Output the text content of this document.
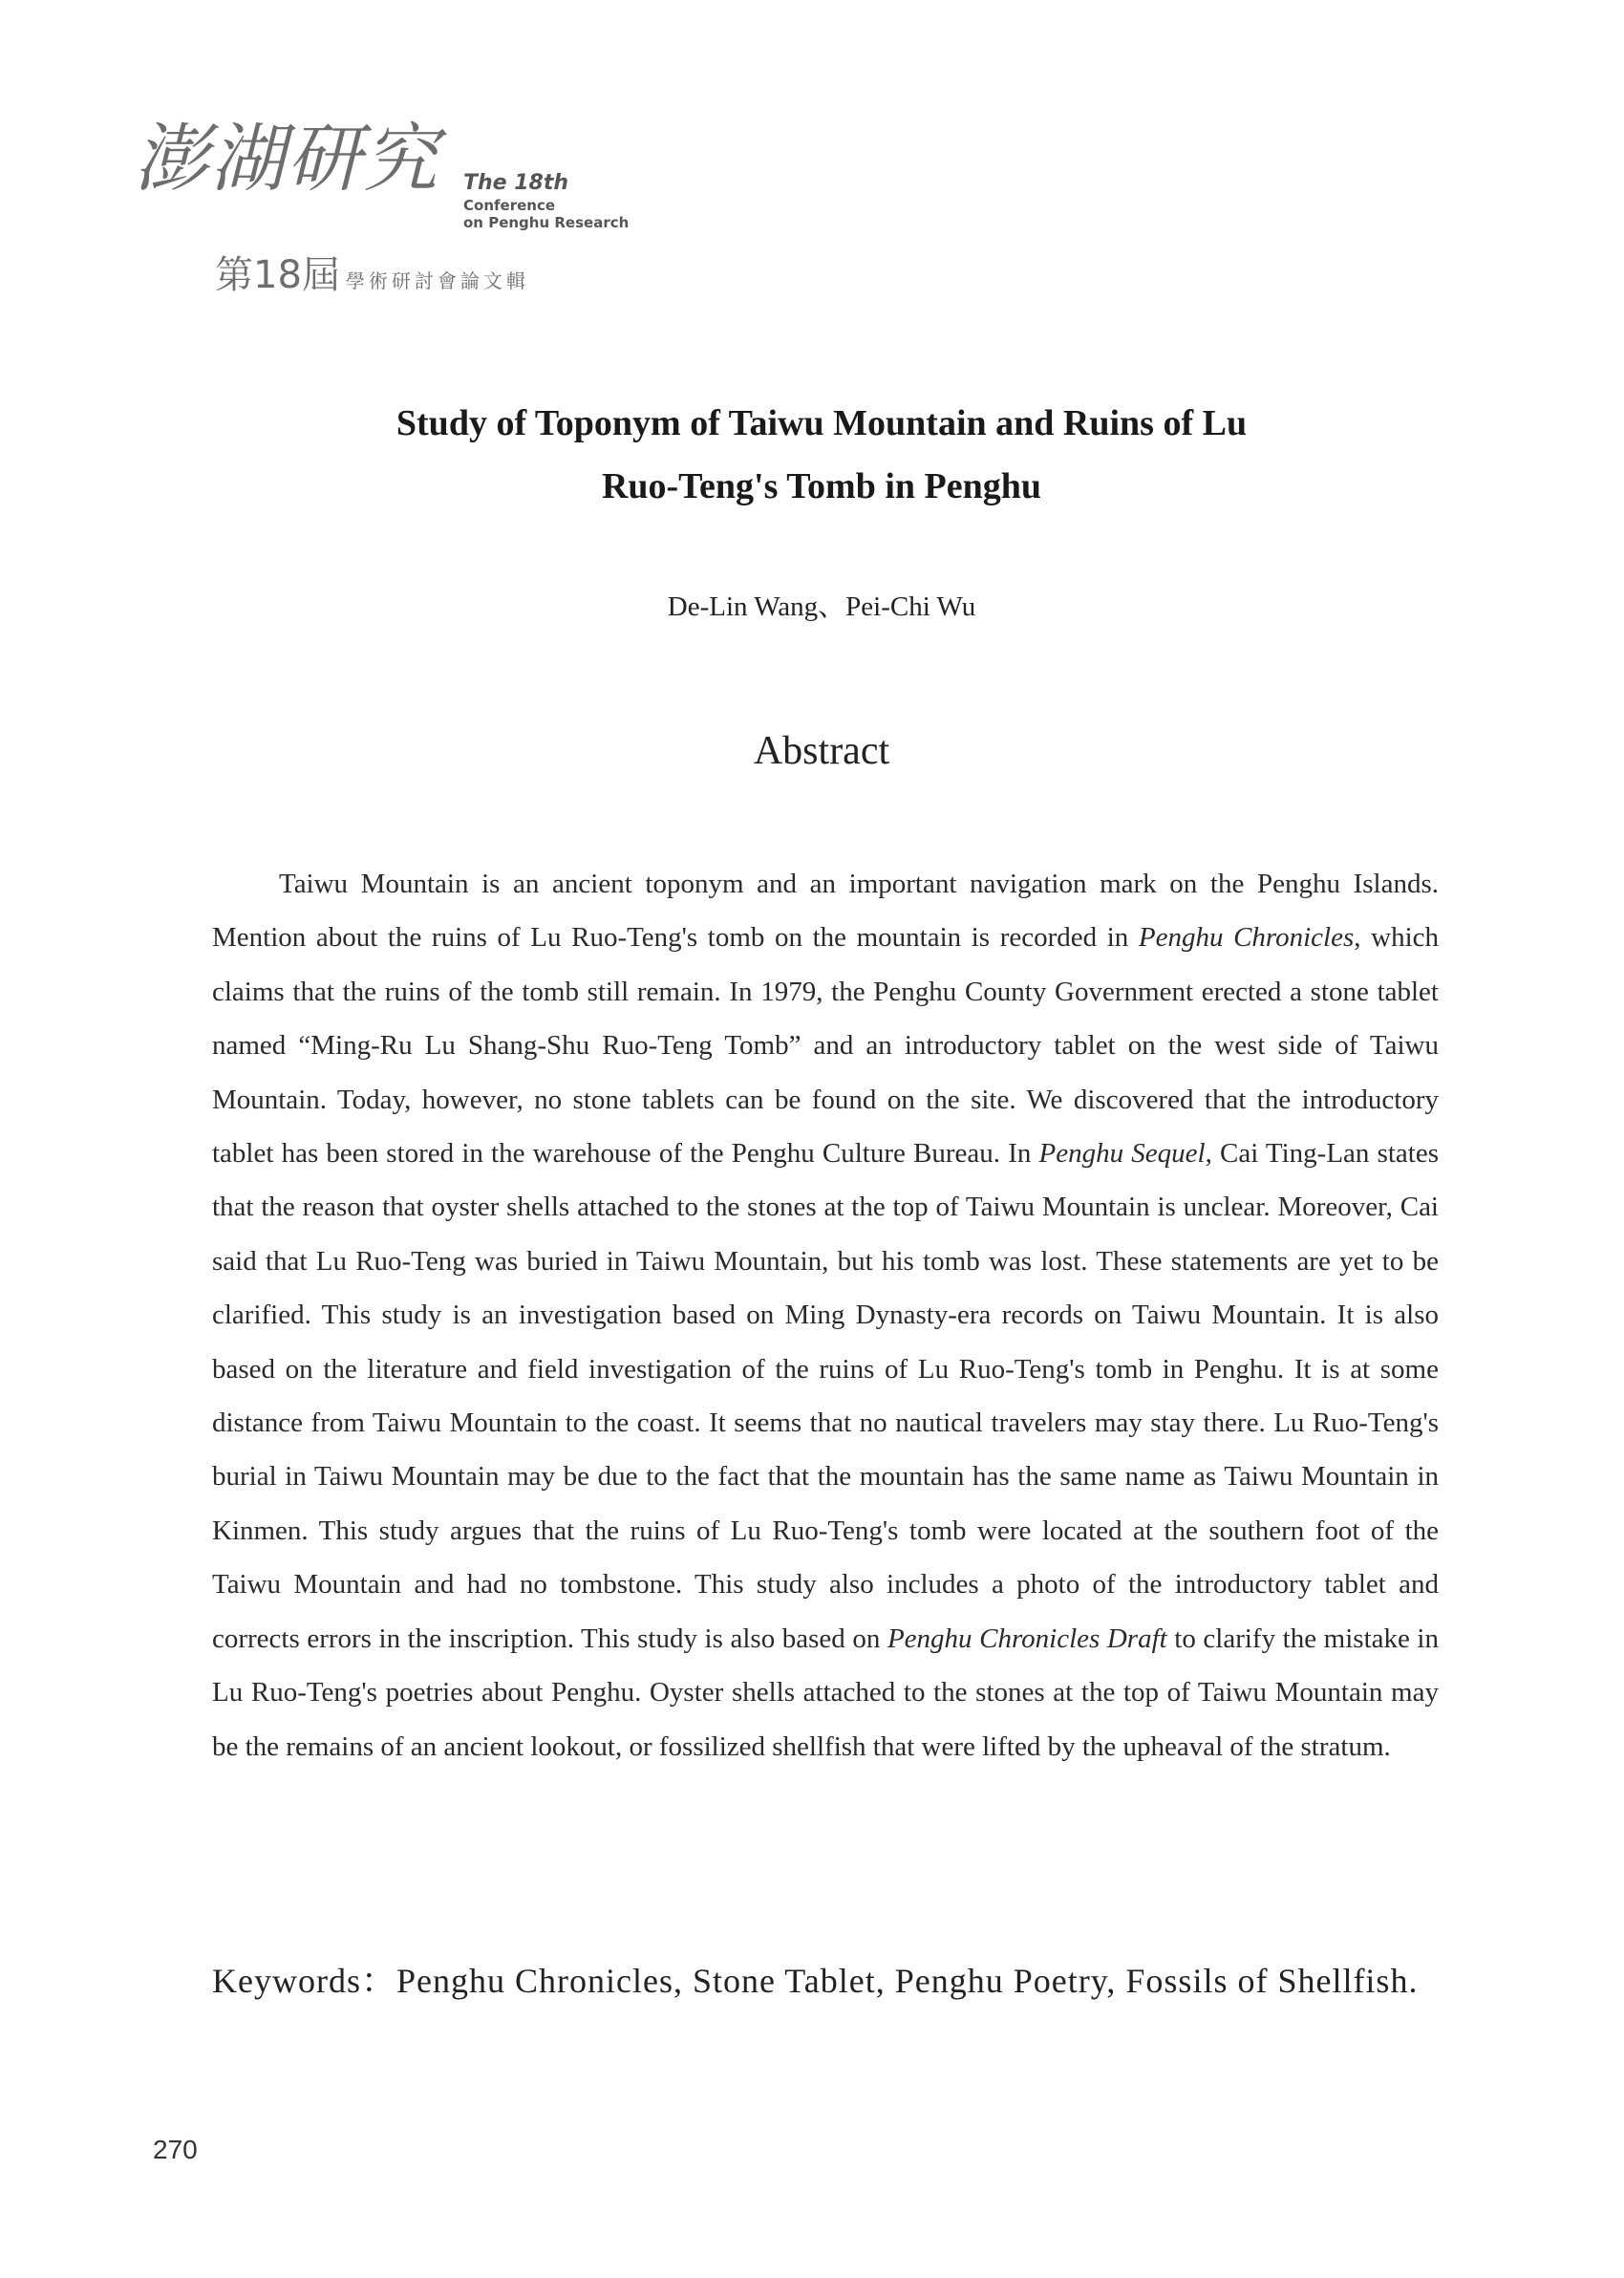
澎湖研究 The 18th
Conference
on Penghu Research
第18屆 學術研討會論文輯
Study of Toponym of Taiwu Mountain and Ruins of Lu
Ruo-Teng's Tomb in Penghu
De-Lin Wang、Pei-Chi Wu
Abstract
Taiwu Mountain is an ancient toponym and an important navigation mark on the Penghu Islands. Mention about the ruins of Lu Ruo-Teng's tomb on the mountain is recorded in Penghu Chronicles, which claims that the ruins of the tomb still remain. In 1979, the Penghu County Government erected a stone tablet named “Ming-Ru Lu Shang-Shu Ruo-Teng Tomb” and an introductory tablet on the west side of Taiwu Mountain. Today, however, no stone tablets can be found on the site. We discovered that the introductory tablet has been stored in the warehouse of the Penghu Culture Bureau. In Penghu Sequel, Cai Ting-Lan states that the reason that oyster shells attached to the stones at the top of Taiwu Mountain is unclear. Moreover, Cai said that Lu Ruo-Teng was buried in Taiwu Mountain, but his tomb was lost. These statements are yet to be clarified. This study is an investigation based on Ming Dynasty-era records on Taiwu Mountain. It is also based on the literature and field investigation of the ruins of Lu Ruo-Teng's tomb in Penghu. It is at some distance from Taiwu Mountain to the coast. It seems that no nautical travelers may stay there. Lu Ruo-Teng's burial in Taiwu Mountain may be due to the fact that the mountain has the same name as Taiwu Mountain in Kinmen. This study argues that the ruins of Lu Ruo-Teng's tomb were located at the southern foot of the Taiwu Mountain and had no tombstone. This study also includes a photo of the introductory tablet and corrects errors in the inscription. This study is also based on Penghu Chronicles Draft to clarify the mistake in Lu Ruo-Teng's poetries about Penghu. Oyster shells attached to the stones at the top of Taiwu Mountain may be the remains of an ancient lookout, or fossilized shellfish that were lifted by the upheaval of the stratum.
Keywords： Penghu Chronicles, Stone Tablet, Penghu Poetry, Fossils of Shellfish.
270
